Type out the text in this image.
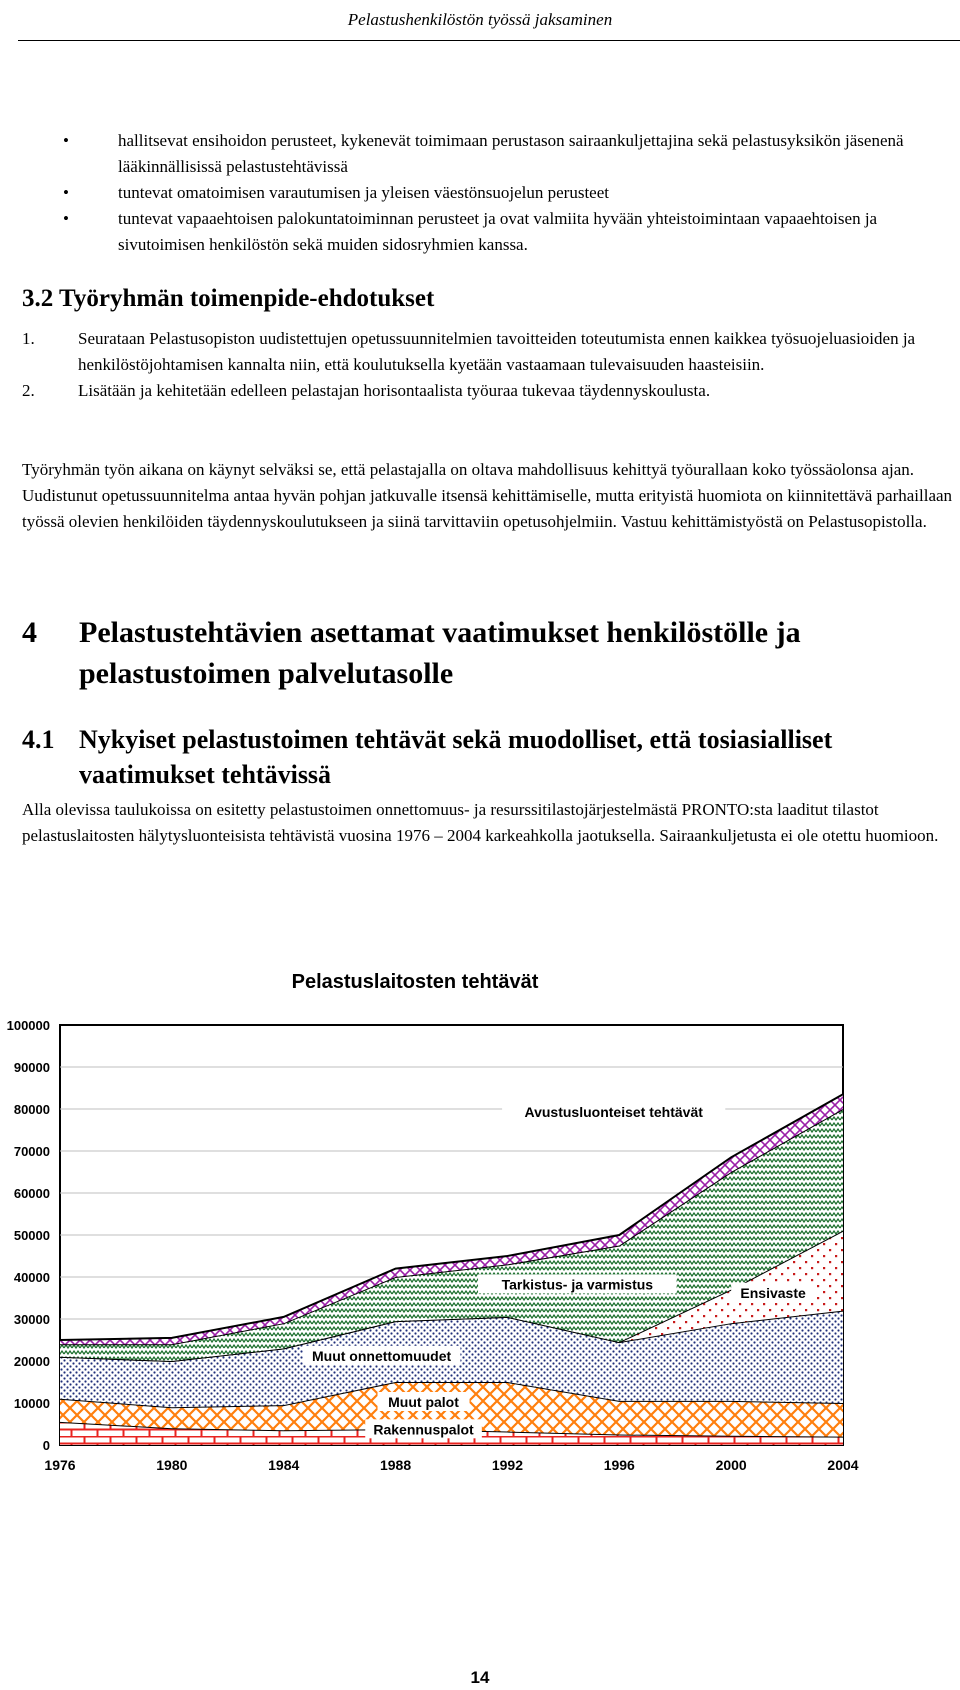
Pelastushenkilöstön työssä jaksaminen
•	hallitsevat ensihoidon perusteet, kykenevät toimimaan perustason sairaankuljettajina sekä pelastusyksikön jäsenenä lääkinnällisissä pelastustehtävissä
•	tuntevat omatoimisen varautumisen ja yleisen väestönsuojelun perusteet
•	tuntevat vapaaehtoisen palokuntatoiminnan perusteet ja ovat valmiita hyvään yhteistoimintaan vapaaehtoisen ja sivutoimisen henkilöstön sekä muiden sidosryhmien kanssa.
3.2 Työryhmän toimenpide-ehdotukset
1.	Seurataan Pelastusopiston uudistettujen opetussuunnitelmien tavoitteiden toteutumista ennen kaikkea työsuojeluasioiden ja henkilöstöjohtamisen kannalta niin, että koulutuksella kyetään vastaamaan tulevaisuuden haasteisiin.
2.	Lisätään ja kehitetään edelleen pelastajan horisontaalista työuraa tukevaa täydennyskoulusta.
Työryhmän työn aikana on käynyt selväksi se, että pelastajalla on oltava mahdollisuus kehittyä työurallaan koko työssäolonsa ajan. Uudistunut opetussuunnitelma antaa hyvän pohjan jatkuvalle itsensä kehittämiselle, mutta erityistä huomiota on kiinnitettävä parhaillaan työssä olevien henkilöiden täydennyskoulutukseen ja siinä tarvittaviin opetusohjelmiin. Vastuu kehittämistyöstä on Pelastusopistolla.
4 Pelastustehtävien asettamat vaatimukset henkilöstölle ja pelastustoimen palvelutasolle
4.1 Nykyiset pelastustoimen tehtävät sekä muodolliset, että tosiasialliset vaatimukset tehtävissä
Alla olevissa taulukoissa on esitetty pelastustoimen onnettomuus- ja resurssitilastojärjestelmästä PRONTO:sta laaditut tilastot pelastuslaitosten hälytysluonteisista tehtävistä vuosina 1976 – 2004 karkeahkolla jaotuksella. Sairaankuljetusta ei ole otettu huomioon.
Pelastuslaitosten tehtävät
0
10000
20000
30000
40000
50000
60000
70000
80000
90000
100000
1976	1980	1984	1988	1992	1996	2000	2004
Avustusluonteiset tehtävät
Tarkistus- ja varmistus
Ensivaste
Muut onnettomuudet
Muut palot
Rakennuspalot
14
